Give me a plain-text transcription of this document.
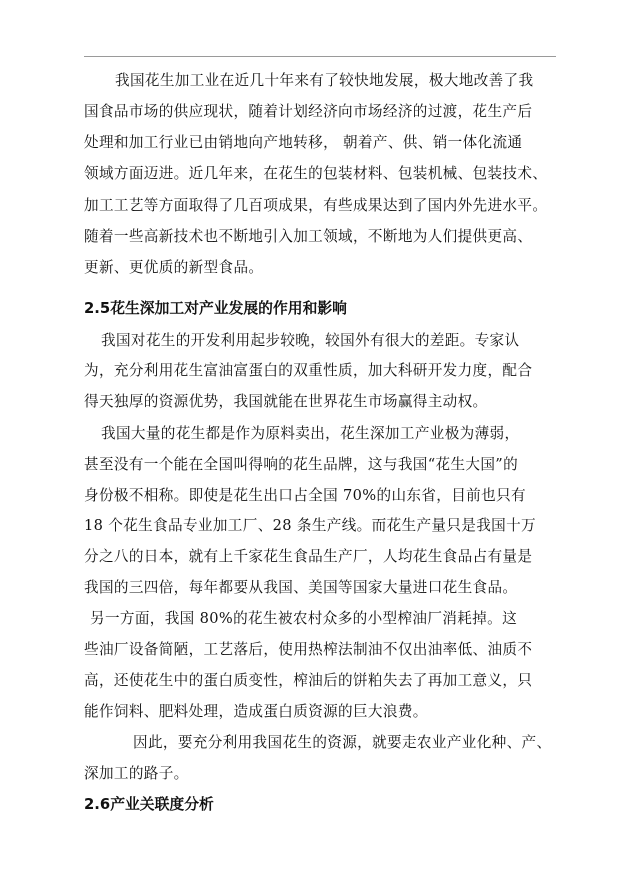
我国花生加工业在近几十年来有了较快地发展，极大地改善了我
国食品市场的供应现状，随着计划经济向市场经济的过渡，花生产后
处理和加工行业已由销地向产地转移， 朝着产、供、销一体化流通
领域方面迈进。近几年来，在花生的包装材料、包装机械、包装技术、
加工工艺等方面取得了几百项成果，有些成果达到了国内外先进水平。
随着一些高新技术也不断地引入加工领域，不断地为人们提供更高、
更新、更优质的新型食品。
2.5花生深加工对产业发展的作用和影响
我国对花生的开发利用起步较晚，较国外有很大的差距。专家认
为，充分利用花生富油富蛋白的双重性质，加大科研开发力度，配合
得天独厚的资源优势，我国就能在世界花生市场赢得主动权。
我国大量的花生都是作为原料卖出，花生深加工产业极为薄弱，
甚至没有一个能在全国叫得响的花生品牌，这与我国“花生大国”的
身份极不相称。即使是花生出口占全国 70%的山东省，目前也只有
18 个花生食品专业加工厂、28 条生产线。而花生产量只是我国十万
分之八的日本，就有上千家花生食品生产厂，人均花生食品占有量是
我国的三四倍，每年都要从我国、美国等国家大量进口花生食品。
另一方面，我国 80%的花生被农村众多的小型榨油厂消耗掉。这
些油厂设备简陋，工艺落后，使用热榨法制油不仅出油率低、油质不
高，还使花生中的蛋白质变性，榨油后的饼粕失去了再加工意义，只
能作饲料、肥料处理，造成蛋白质资源的巨大浪费。
因此，要充分利用我国花生的资源，就要走农业产业化种、产、
深加工的路子。
2.6产业关联度分析
